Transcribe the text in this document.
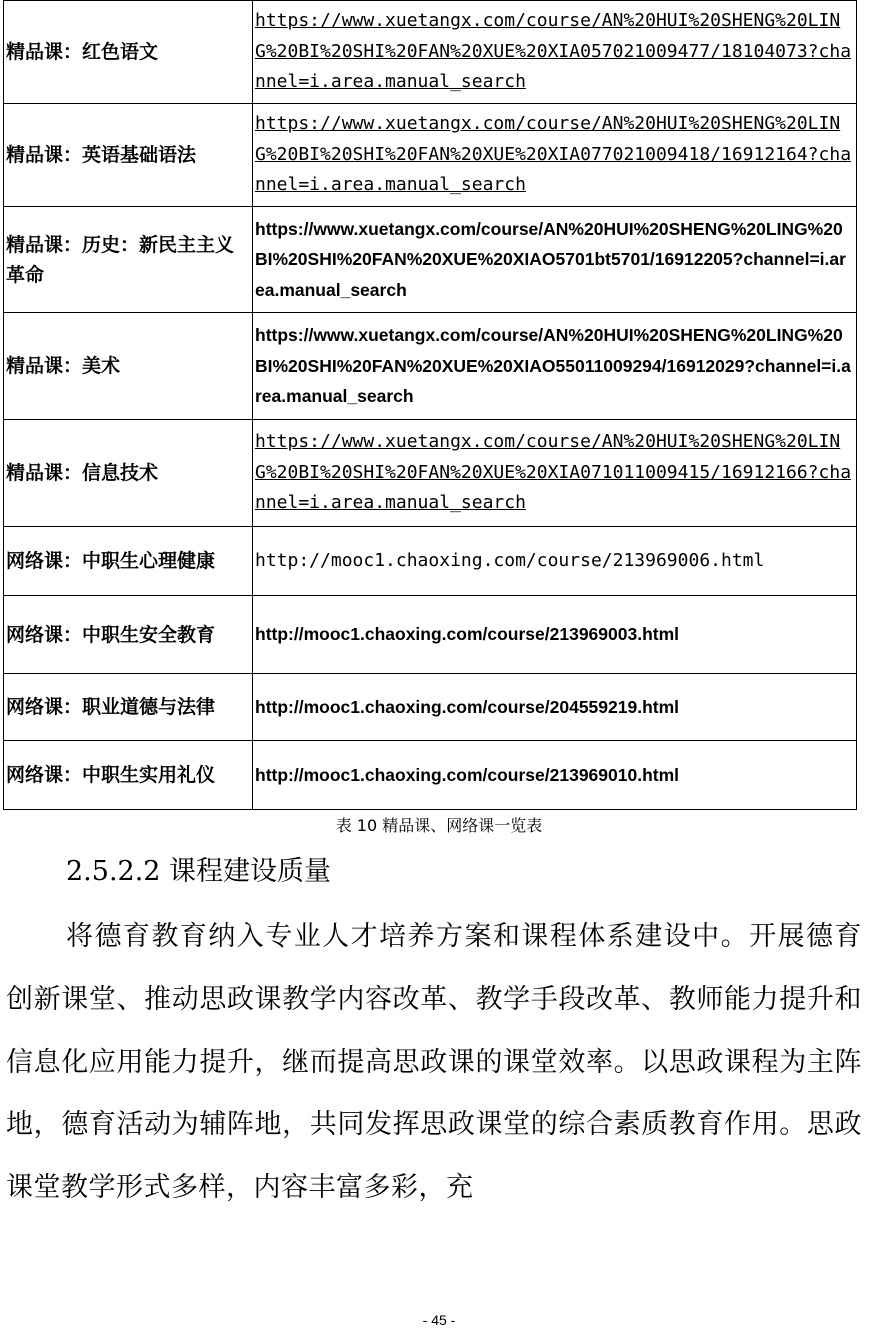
精品课：红色语文	https://www.xuetangx.com/course/AN%20HUI%20SHENG%20LING%20BI%20SHI%20FAN%20XUE%20XIA057021009477/18104073?channel=i.area.manual_search
精品课：英语基础语法	https://www.xuetangx.com/course/AN%20HUI%20SHENG%20LING%20BI%20SHI%20FAN%20XUE%20XIA077021009418/16912164?channel=i.area.manual_search
精品课：历史：新民主主义革命	https://www.xuetangx.com/course/AN%20HUI%20SHENG%20LING%20BI%20SHI%20FAN%20XUE%20XIAO5701bt5701/16912205?channel=i.area.manual_search
精品课：美术	https://www.xuetangx.com/course/AN%20HUI%20SHENG%20LING%20BI%20SHI%20FAN%20XUE%20XIAO55011009294/16912029?channel=i.area.manual_search
精品课：信息技术	https://www.xuetangx.com/course/AN%20HUI%20SHENG%20LING%20BI%20SHI%20FAN%20XUE%20XIA071011009415/16912166?channel=i.area.manual_search
网络课：中职生心理健康	http://mooc1.chaoxing.com/course/213969006.html
网络课：中职生安全教育	http://mooc1.chaoxing.com/course/213969003.html
网络课：职业道德与法律	http://mooc1.chaoxing.com/course/204559219.html
网络课：中职生实用礼仪	http://mooc1.chaoxing.com/course/213969010.html
表 10 精品课、网络课一览表
2.5.2.2 课程建设质量
将德育教育纳入专业人才培养方案和课程体系建设中。开展德育创新课堂、推动思政课教学内容改革、教学手段改革、教师能力提升和信息化应用能力提升，继而提高思政课的课堂效率。以思政课程为主阵地，德育活动为辅阵地，共同发挥思政课堂的综合素质教育作用。思政课堂教学形式多样，内容丰富多彩，充
- 45 -
